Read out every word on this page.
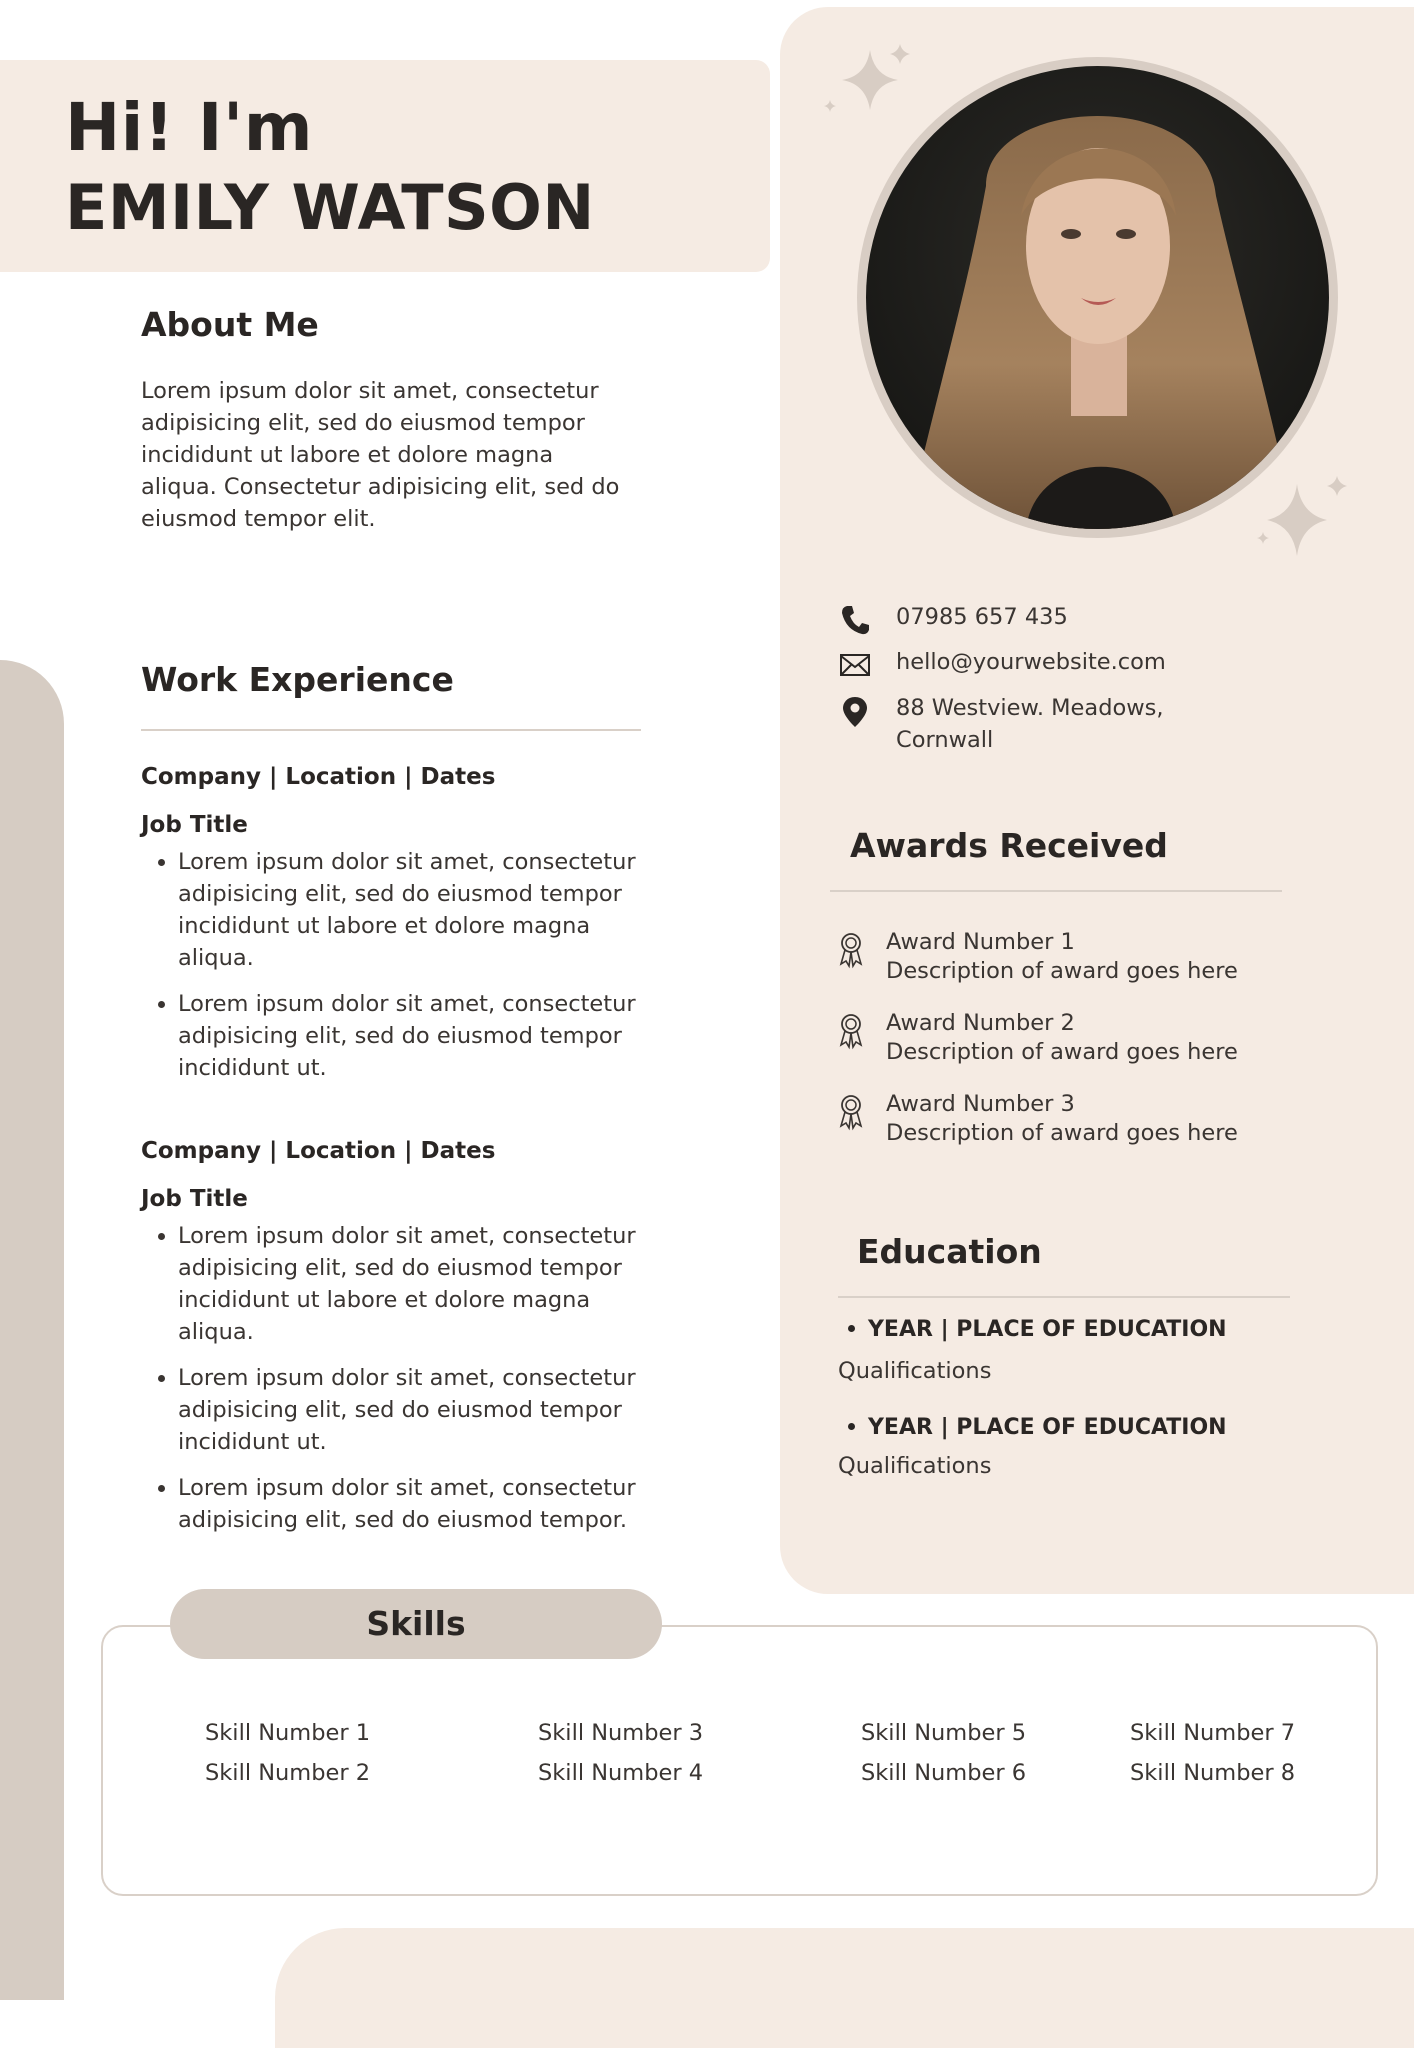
Hi! I'm
EMILY WATSON
About Me
Lorem ipsum dolor sit amet, consectetur adipisicing elit, sed do eiusmod tempor incididunt ut labore et dolore magna aliqua. Consectetur adipisicing elit, sed do eiusmod tempor elit.
Work Experience
Company | Location | Dates
Job Title
• Lorem ipsum dolor sit amet, consectetur adipisicing elit, sed do eiusmod tempor incididunt ut labore et dolore magna aliqua.
• Lorem ipsum dolor sit amet, consectetur adipisicing elit, sed do eiusmod tempor incididunt ut.
Company | Location | Dates
Job Title
• Lorem ipsum dolor sit amet, consectetur adipisicing elit, sed do eiusmod tempor incididunt ut labore et dolore magna aliqua.
• Lorem ipsum dolor sit amet, consectetur adipisicing elit, sed do eiusmod tempor incididunt ut.
• Lorem ipsum dolor sit amet, consectetur adipisicing elit, sed do eiusmod tempor.
07985 657 435
hello@yourwebsite.com
88 Westview. Meadows,
Cornwall
Awards Received
Award Number 1
Description of award goes here
Award Number 2
Description of award goes here
Award Number 3
Description of award goes here
Education
YEAR | PLACE OF EDUCATION
Qualifications
YEAR | PLACE OF EDUCATION
Qualifications
Skills
Skill Number 1
Skill Number 2
Skill Number 3
Skill Number 4
Skill Number 5
Skill Number 6
Skill Number 7
Skill Number 8
